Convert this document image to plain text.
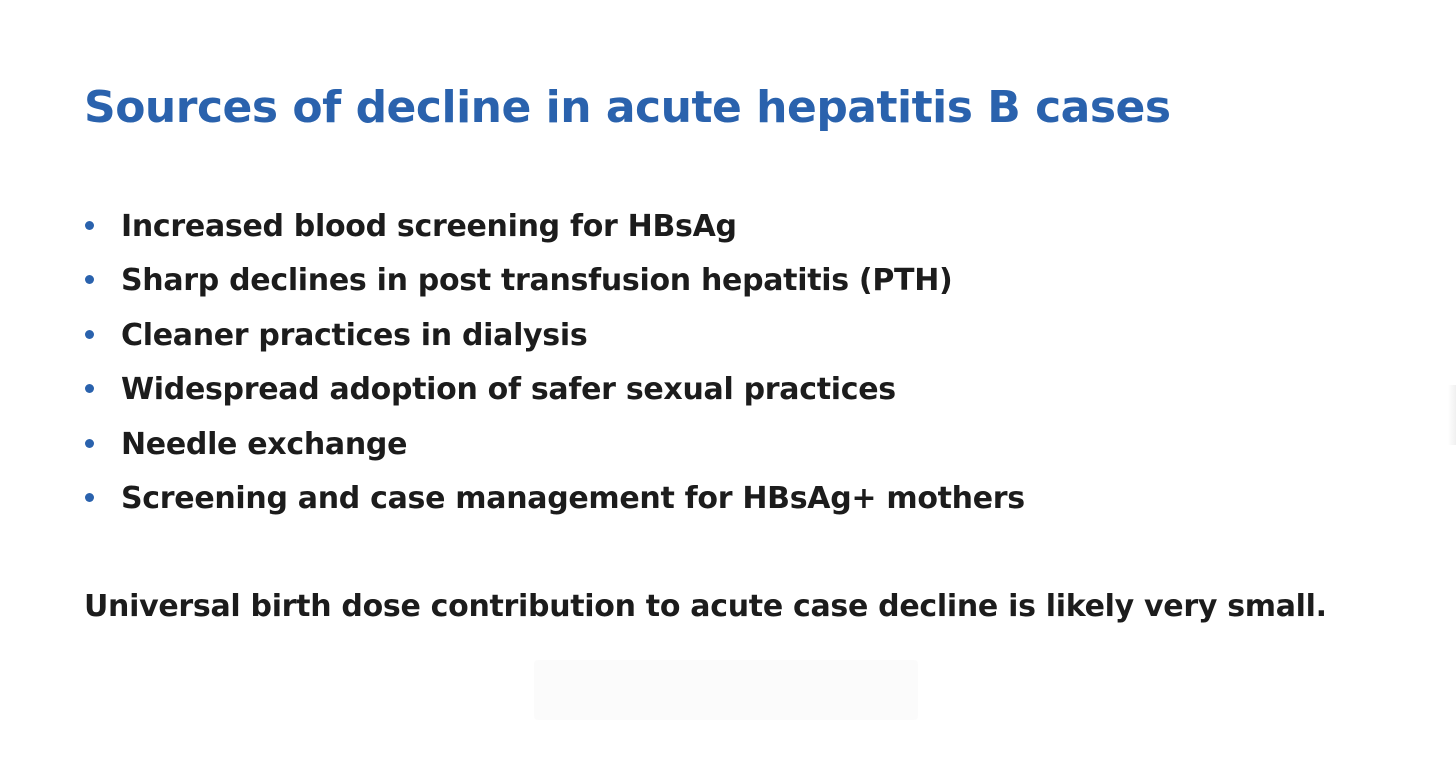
Sources of decline in acute hepatitis B cases
Increased blood screening for HBsAg
Sharp declines in post transfusion hepatitis (PTH)
Cleaner practices in dialysis
Widespread adoption of safer sexual practices
Needle exchange
Screening and case management for HBsAg+ mothers

Universal birth dose contribution to acute case decline is likely very small.
